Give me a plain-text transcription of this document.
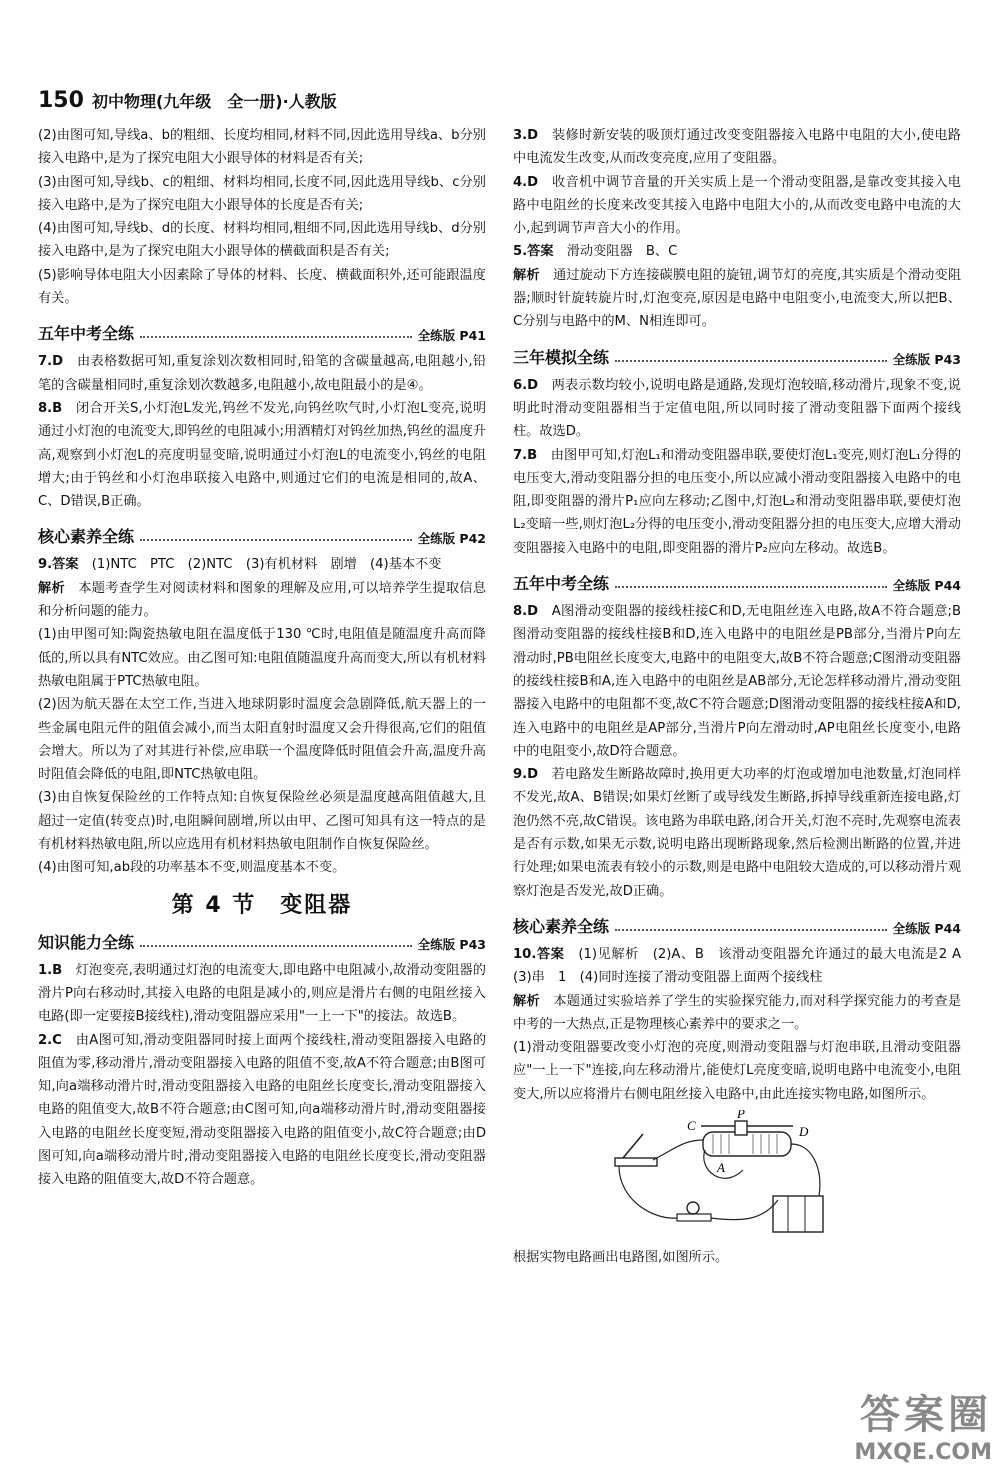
150 初中物理(九年级　全一册)·人教版

(2)由图可知,导线a、b的粗细、长度均相同,材料不同,因此选用导线a、b分别接入电路中,是为了探究电阻大小跟导体的材料是否有关;

(3)由图可知,导线b、c的粗细、材料均相同,长度不同,因此选用导线b、c分别接入电路中,是为了探究电阻大小跟导体的长度是否有关;

(4)由图可知,导线b、d的长度、材料均相同,粗细不同,因此选用导线b、d分别接入电路中,是为了探究电阻大小跟导体的横截面积是否有关;

(5)影响导体电阻大小因素除了导体的材料、长度、横截面积外,还可能跟温度有关。

五年中考全练	全练版 P41

7.D　 由表格数据可知,重复涂划次数相同时,铅笔的含碳量越高,电阻越小,铅笔的含碳量相同时,重复涂划次数越多,电阻越小,故电阻最小的是④。

8.B　 闭合开关S,小灯泡L发光,钨丝不发光,向钨丝吹气时,小灯泡L变亮,说明通过小灯泡的电流变大,即钨丝的电阻减小;用酒精灯对钨丝加热,钨丝的温度升高,观察到小灯泡L的亮度明显变暗,说明通过小灯泡L的电流变小,钨丝的电阻增大;由于钨丝和小灯泡串联接入电路中,则通过它们的电流是相同的,故A、C、D错误,B正确。

核心素养全练	全练版 P42

9.答案　 (1)NTC　PTC　(2)NTC　(3)有机材料　剧增　(4)基本不变

解析　 本题考查学生对阅读材料和图象的理解及应用,可以培养学生提取信息和分析问题的能力。

(1)由甲图可知:陶瓷热敏电阻在温度低于130 ℃时,电阻值是随温度升高而降低的,所以具有NTC效应。由乙图可知:电阻值随温度升高而变大,所以有机材料热敏电阻属于PTC热敏电阻。

(2)因为航天器在太空工作,当进入地球阴影时温度会急剧降低,航天器上的一些金属电阻元件的阻值会减小,而当太阳直射时温度又会升得很高,它们的阻值会增大。所以为了对其进行补偿,应串联一个温度降低时阻值会升高,温度升高时阻值会降低的电阻,即NTC热敏电阻。

(3)由自恢复保险丝的工作特点知:自恢复保险丝必须是温度越高阻值越大,且超过一定值(转变点)时,电阻瞬间剧增,所以由甲、乙图可知具有这一特点的是有机材料热敏电阻,所以应选用有机材料热敏电阻制作自恢复保险丝。

(4)由图可知,ab段的功率基本不变,则温度基本不变。

第 4 节　变阻器
知识能力全练	全练版 P43

1.B　 灯泡变亮,表明通过灯泡的电流变大,即电路中电阻减小,故滑动变阻器的滑片P向右移动时,其接入电路的电阻是减小的,则应是滑片右侧的电阻丝接入电路(即一定要接B接线柱),滑动变阻器应采用"一上一下"的接法。故选B。

2.C　 由A图可知,滑动变阻器同时接上面两个接线柱,滑动变阻器接入电路的阻值为零,移动滑片,滑动变阻器接入电路的阻值不变,故A不符合题意;由B图可知,向a端移动滑片时,滑动变阻器接入电路的电阻丝长度变长,滑动变阻器接入电路的阻值变大,故B不符合题意;由C图可知,向a端移动滑片时,滑动变阻器接入电路的电阻丝长度变短,滑动变阻器接入电路的阻值变小,故C符合题意;由D图可知,向a端移动滑片时,滑动变阻器接入电路的电阻丝长度变长,滑动变阻器接入电路的阻值变大,故D不符合题意。

3.D　 装修时新安装的吸顶灯通过改变变阻器接入电路中电阻的大小,使电路中电流发生改变,从而改变亮度,应用了变阻器。

4.D　 收音机中调节音量的开关实质上是一个滑动变阻器,是靠改变其接入电路中电阻丝的长度来改变其接入电路中电阻大小的,从而改变电路中电流的大小,起到调节声音大小的作用。

5.答案　 滑动变阻器　B、C

解析　 通过旋动下方连接碳膜电阻的旋钮,调节灯的亮度,其实质是个滑动变阻器;顺时针旋转旋片时,灯泡变亮,原因是电路中电阻变小,电流变大,所以把B、C分别与电路中的M、N相连即可。

三年模拟全练	全练版 P43

6.D　 两表示数均较小,说明电路是通路,发现灯泡较暗,移动滑片,现象不变,说明此时滑动变阻器相当于定值电阻,所以同时接了滑动变阻器下面两个接线柱。故选D。

7.B　 由图甲可知,灯泡L₁和滑动变阻器串联,要使灯泡L₁变亮,则灯泡L₁分得的电压变大,滑动变阻器分担的电压变小,所以应减小滑动变阻器接入电路中的电阻,即变阻器的滑片P₁应向左移动;乙图中,灯泡L₂和滑动变阻器串联,要使灯泡L₂变暗一些,则灯泡L₂分得的电压变小,滑动变阻器分担的电压变大,应增大滑动变阻器接入电路中的电阻,即变阻器的滑片P₂应向左移动。故选B。

五年中考全练	全练版 P44

8.D　 A图滑动变阻器的接线柱接C和D,无电阻丝连入电路,故A不符合题意;B图滑动变阻器的接线柱接B和D,连入电路中的电阻丝是PB部分,当滑片P向左滑动时,PB电阻丝长度变大,电路中的电阻变大,故B不符合题意;C图滑动变阻器的接线柱接B和A,连入电路中的电阻丝是AB部分,无论怎样移动滑片,滑动变阻器接入电路中的电阻都不变,故C不符合题意;D图滑动变阻器的接线柱接A和D,连入电路中的电阻丝是AP部分,当滑片P向左滑动时,AP电阻丝长度变小,电路中的电阻变小,故D符合题意。

9.D　 若电路发生断路故障时,换用更大功率的灯泡或增加电池数量,灯泡同样不发光,故A、B错误;如果灯丝断了或导线发生断路,拆掉导线重新连接电路,灯泡仍然不亮,故C错误。该电路为串联电路,闭合开关,灯泡不亮时,先观察电流表是否有示数,如果无示数,说明电路出现断路现象,然后检测出断路的位置,并进行处理;如果电流表有较小的示数,则是电路中电阻较大造成的,可以移动滑片观察灯泡是否发光,故D正确。

核心素养全练	全练版 P44

10.答案　 (1)见解析　(2)A、B　该滑动变阻器允许通过的最大电流是2 A　(3)串　1　(4)同时连接了滑动变阻器上面两个接线柱

解析　 本题通过实验培养了学生的实验探究能力,而对科学探究能力的考查是中考的一大热点,正是物理核心素养中的要求之一。

(1)滑动变阻器要改变小灯泡的亮度,则滑动变阻器与灯泡串联,且滑动变阻器应"一上一下"连接,向左移动滑片,能使灯L亮度变暗,说明电路中电流变小,电阻变大,所以应将滑片右侧电阻丝接入电路中,由此连接实物电路,如图所示。

P
C	D
A

根据实物电路画出电路图,如图所示。

答案圈
MXQE.COM
